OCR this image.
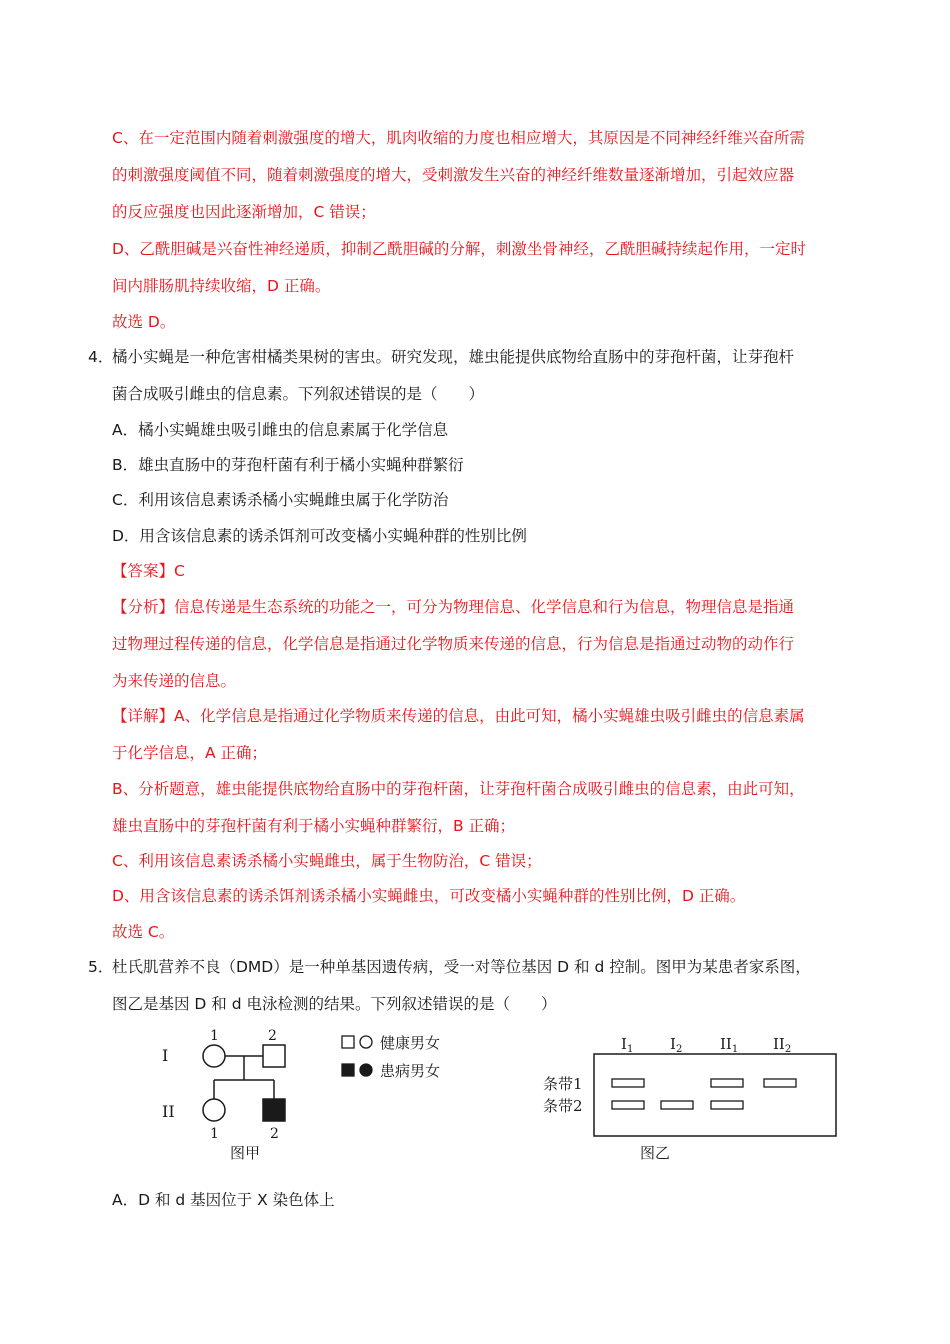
C、在一定范围内随着刺激强度的增大，肌肉收缩的力度也相应增大，其原因是不同神经纤维兴奋所需
的刺激强度阈值不同，随着刺激强度的增大，受刺激发生兴奋的神经纤维数量逐渐增加，引起效应器
的反应强度也因此逐渐增加，C 错误；
D、乙酰胆碱是兴奋性神经递质，抑制乙酰胆碱的分解，刺激坐骨神经，乙酰胆碱持续起作用，一定时
间内腓肠肌持续收缩，D 正确。
故选 D。
4．
橘小实蝇是一种危害柑橘类果树的害虫。研究发现，雄虫能提供底物给直肠中的芽孢杆菌，让芽孢杆
菌合成吸引雌虫的信息素。下列叙述错误的是（　　）
A．橘小实蝇雄虫吸引雌虫的信息素属于化学信息
B．雄虫直肠中的芽孢杆菌有利于橘小实蝇种群繁衍
C．利用该信息素诱杀橘小实蝇雌虫属于化学防治
D．用含该信息素的诱杀饵剂可改变橘小实蝇种群的性别比例
【答案】C
【分析】信息传递是生态系统的功能之一，可分为物理信息、化学信息和行为信息，物理信息是指通
过物理过程传递的信息，化学信息是指通过化学物质来传递的信息，行为信息是指通过动物的动作行
为来传递的信息。
【详解】A、化学信息是指通过化学物质来传递的信息，由此可知，橘小实蝇雄虫吸引雌虫的信息素属
于化学信息，A 正确；
B、分析题意，雄虫能提供底物给直肠中的芽孢杆菌，让芽孢杆菌合成吸引雌虫的信息素，由此可知，
雄虫直肠中的芽孢杆菌有利于橘小实蝇种群繁衍，B 正确；
C、利用该信息素诱杀橘小实蝇雌虫，属于生物防治，C 错误；
D、用含该信息素的诱杀饵剂诱杀橘小实蝇雌虫，可改变橘小实蝇种群的性别比例，D 正确。
故选 C。
5．
杜氏肌营养不良（DMD）是一种单基因遗传病，受一对等位基因 D 和 d 控制。图甲为某患者家系图，
图乙是基因 D 和 d 电泳检测的结果。下列叙述错误的是（　　）
I
II
1	2
1	2
图甲
健康男女
患病男女
条带1
条带2
图乙
$I_1$ $I_2$	$II_1$ $II_2$
A．D 和 d 基因位于 X 染色体上
